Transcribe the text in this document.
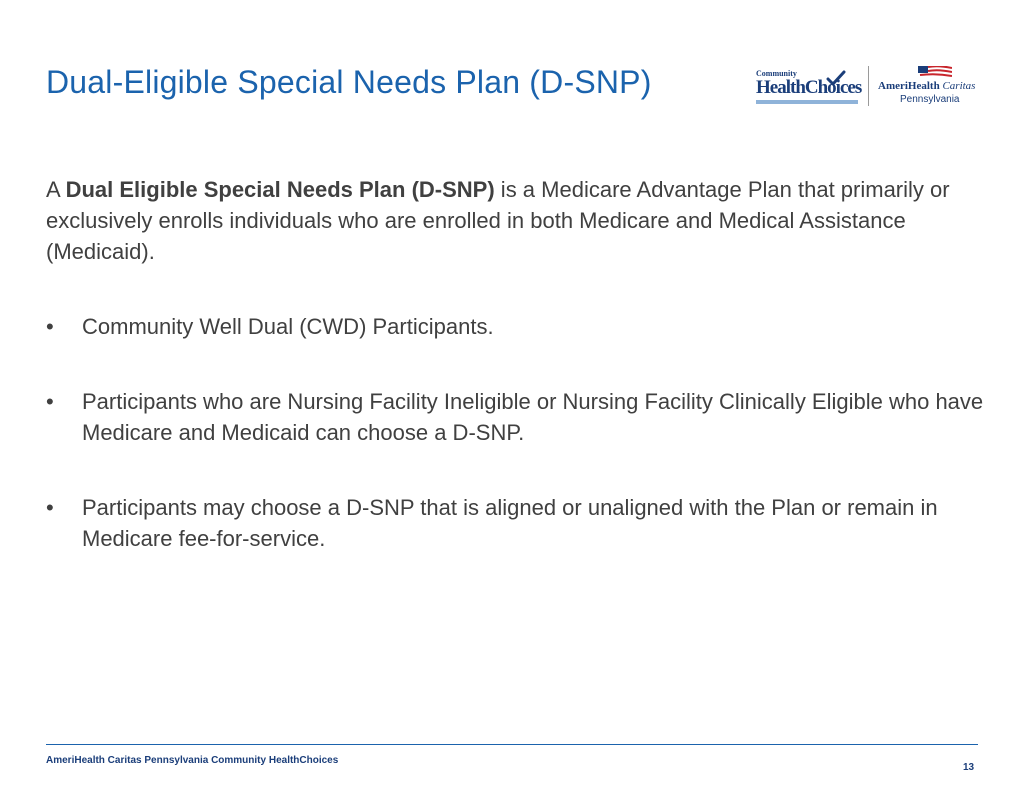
Dual-Eligible Special Needs Plan (D-SNP)	Community
HealthChoices AmeriHealth Caritas
Pennsylvania

A Dual Eligible Special Needs Plan (D-SNP) is a Medicare Advantage Plan that primarily or exclusively enrolls individuals who are enrolled in both Medicare and Medical Assistance (Medicaid).

• Community Well Dual (CWD) Participants.
• Participants who are Nursing Facility Ineligible or Nursing Facility Clinically Eligible who have Medicare and Medicaid can choose a D-SNP.
• Participants may choose a D-SNP that is aligned or unaligned with the Plan or remain in Medicare fee-for-service.
AmeriHealth Caritas Pennsylvania Community HealthChoices
13
